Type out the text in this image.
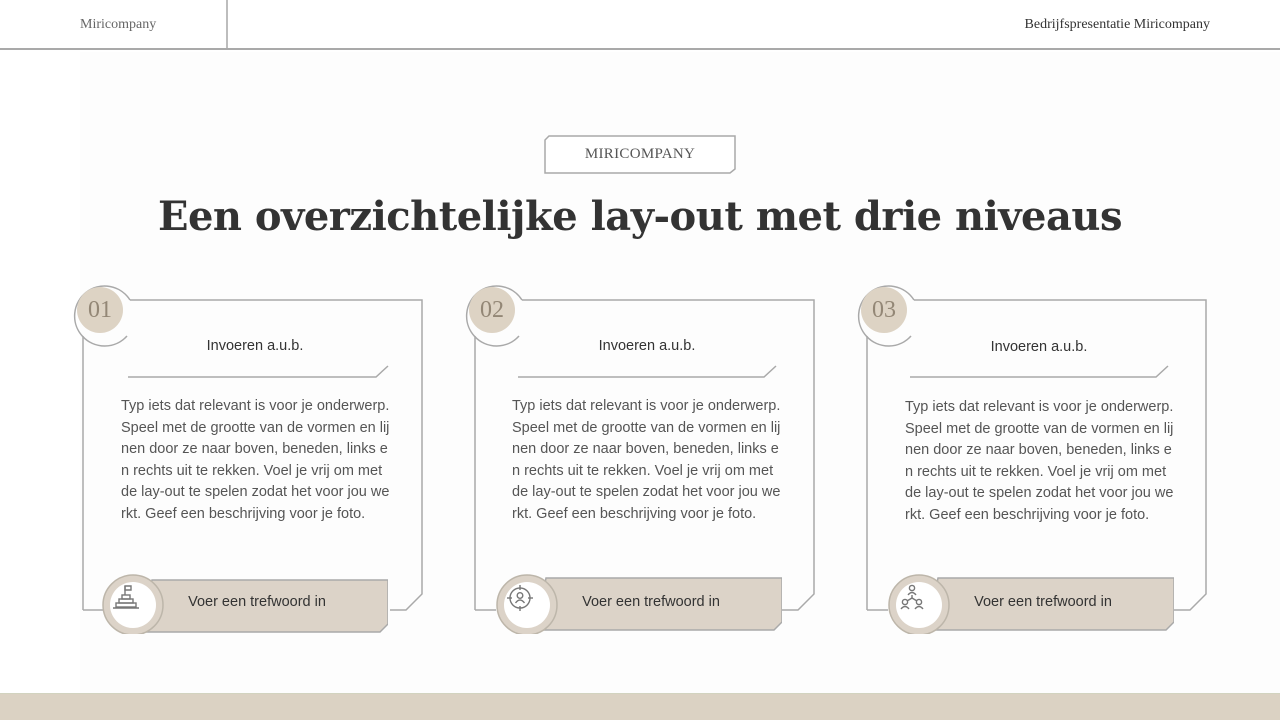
Miricompany	Bedrijfspresentatie Miricompany
MIRICOMPANY
Een overzichtelijke lay-out met drie niveaus
01
Invoeren a.u.b.
Typ iets dat relevant is voor je onderwerp. Speel met de grootte van de vormen en lijnen door ze naar boven, beneden, links en rechts uit te rekken. Voel je vrij om met de lay-out te spelen zodat het voor jou werkt. Geef een beschrijving voor je foto.
Voer een trefwoord in
02
Invoeren a.u.b.
Typ iets dat relevant is voor je onderwerp. Speel met de grootte van de vormen en lijnen door ze naar boven, beneden, links en rechts uit te rekken. Voel je vrij om met de lay-out te spelen zodat het voor jou werkt. Geef een beschrijving voor je foto.
Voer een trefwoord in
03
Invoeren a.u.b.
Typ iets dat relevant is voor je onderwerp. Speel met de grootte van de vormen en lijnen door ze naar boven, beneden, links en rechts uit te rekken. Voel je vrij om met de lay-out te spelen zodat het voor jou werkt. Geef een beschrijving voor je foto.
Voer een trefwoord in
